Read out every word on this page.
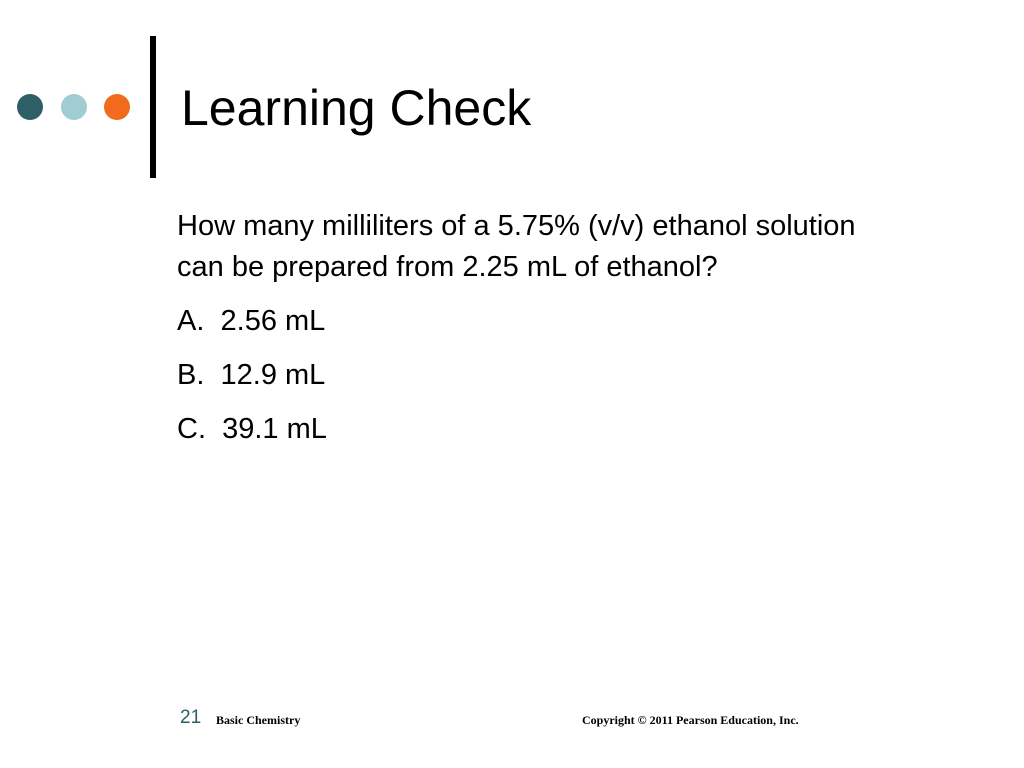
Learning Check

How many milliliters of a 5.75% (v/v) ethanol solution can be prepared from 2.25 mL of ethanol?

A.  2.56 mL

B.  12.9 mL

C.  39.1 mL

21 Basic Chemistry	Copyright © 2011 Pearson Education, Inc.
